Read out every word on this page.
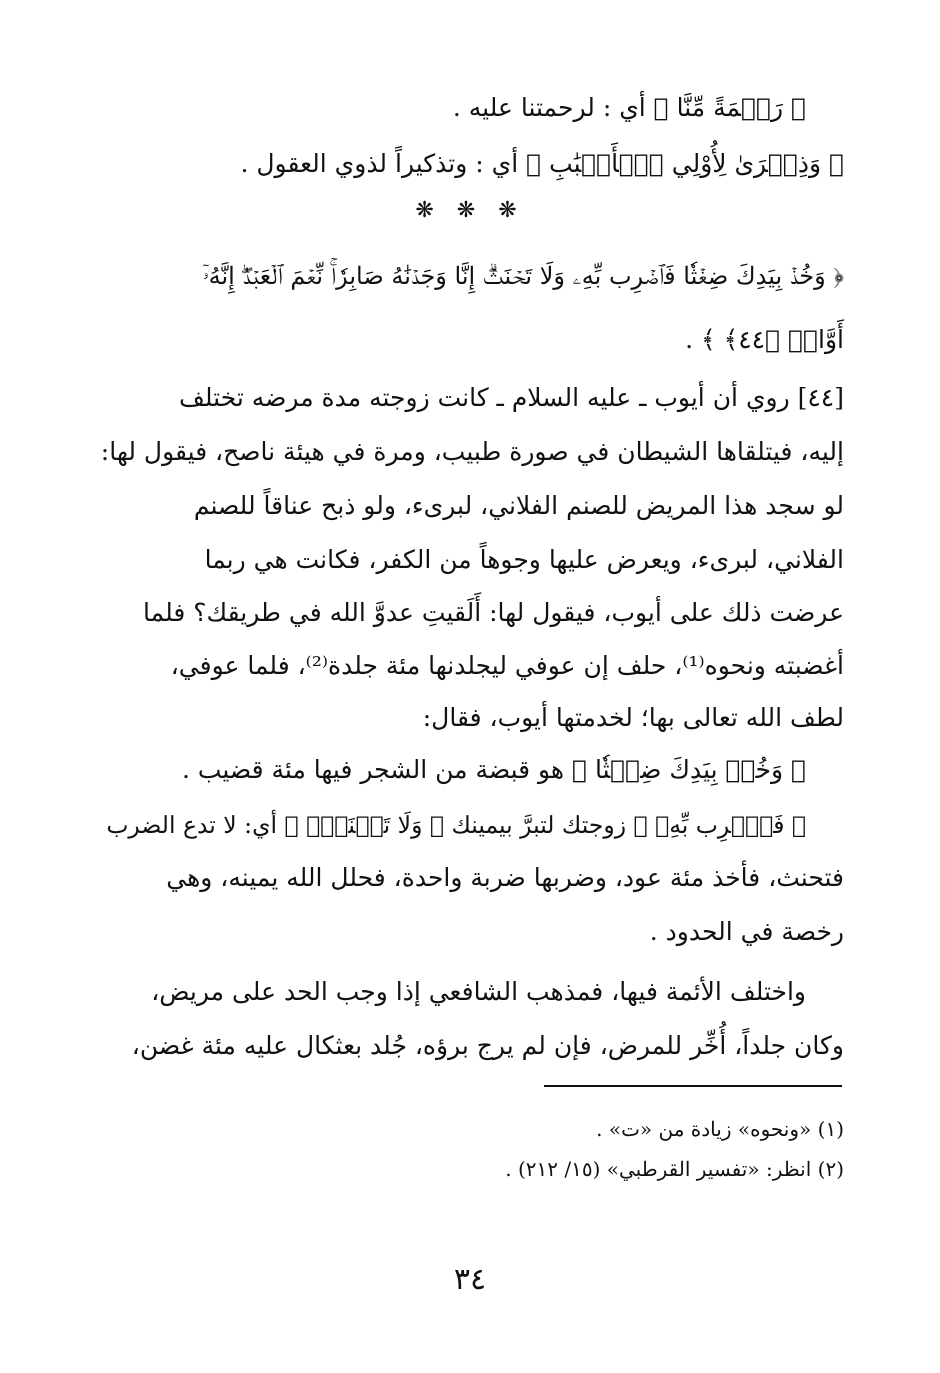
﴿ رَحۡمَةً مِّنَّا ﴾ أي : لرحمتنا عليه .
﴿ وَذِكۡرَىٰ لِأُوْلِي ٱلۡأَلۡبَٰبِ ﴾ أي : وتذكيراً لذوي العقول .
❋ ❋ ❋
﴿ وَخُذۡ بِيَدِكَ ضِغۡثٗا فَٱضۡرِب بِّهِۦ وَلَا تَحۡنَثۡۗ إِنَّا وَجَدۡنَٰهُ صَابِرٗاۚ نِّعۡمَ ٱلۡعَبۡدُۖ إِنَّهُۥٓ
أَوَّابٞ ﴿٤٤﴾ ﴾ .
[٤٤] روي أن أيوب ـ عليه السلام ـ كانت زوجته مدة مرضه تختلف
إليه، فيتلقاها الشيطان في صورة طبيب، ومرة في هيئة ناصح، فيقول لها:
لو سجد هذا المريض للصنم الفلاني، لبرىء، ولو ذبح عناقاً للصنم
الفلاني، لبرىء، ويعرض عليها وجوهاً من الكفر، فكانت هي ربما
عرضت ذلك على أيوب، فيقول لها: أَلَقيتِ عدوَّ الله في طريقك؟ فلما
أغضبته ونحوه⁽¹⁾، حلف إن عوفي ليجلدنها مئة جلدة⁽²⁾، فلما عوفي،
لطف الله تعالى بها؛ لخدمتها أيوب، فقال:
﴿ وَخُذۡ بِيَدِكَ ضِغۡثٗا ﴾ هو قبضة من الشجر فيها مئة قضيب .
﴿ فَٱضۡرِب بِّهِۦ ﴾ زوجتك لتبرَّ بيمينك ﴿ وَلَا تَحۡنَثۡۗ ﴾ أي: لا تدع الضرب
فتحنث، فأخذ مئة عود، وضربها ضربة واحدة، فحلل الله يمينه، وهي
رخصة في الحدود .
واختلف الأئمة فيها، فمذهب الشافعي إذا وجب الحد على مريض،
وكان جلداً، أُخِّر للمرض، فإن لم يرج برؤه، جُلد بعثكال عليه مئة غضن،
(١) «ونحوه» زيادة من «ت» .
(٢) انظر: «تفسير القرطبي» (١٥/ ٢١٢) .
٣٤
